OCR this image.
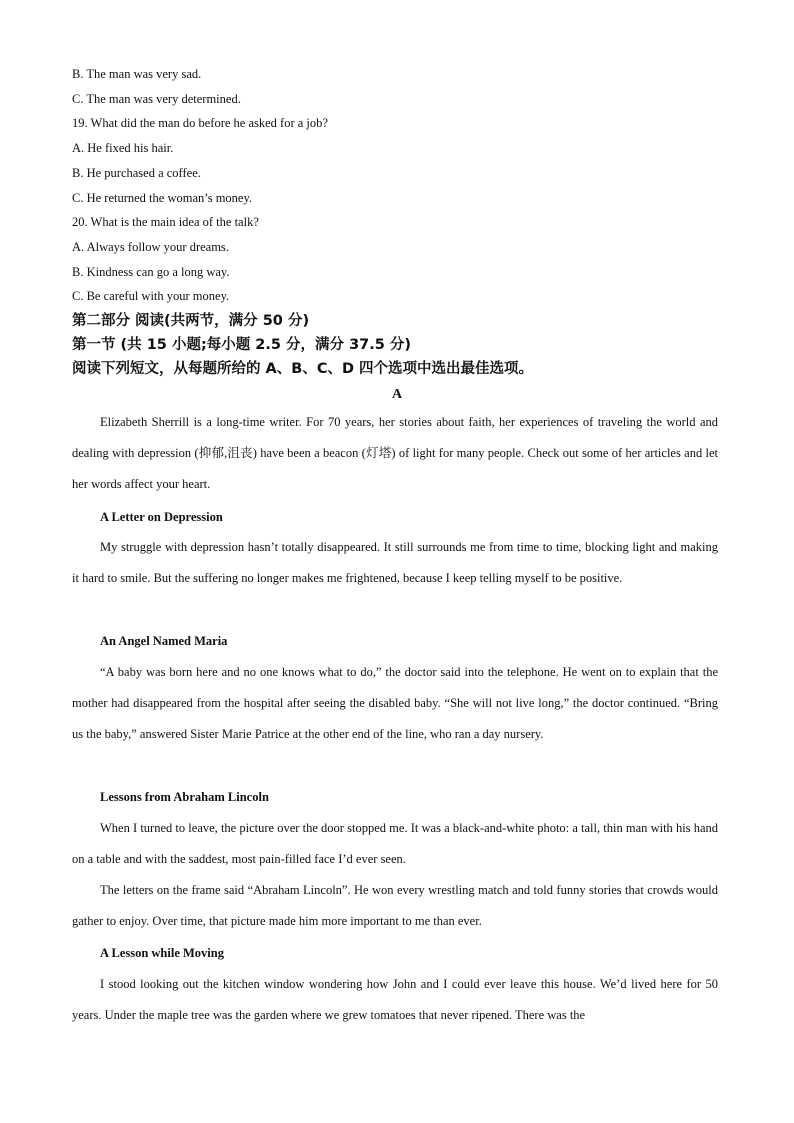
B. The man was very sad.
C. The man was very determined.
19. What did the man do before he asked for a job?
A. He fixed his hair.
B. He purchased a coffee.
C. He returned the woman’s money.
20. What is the main idea of the talk?
A. Always follow your dreams.
B. Kindness can go a long way.
C. Be careful with your money.
第二部分 阅读(共两节，满分 50 分)
第一节 (共 15 小题;每小题 2.5 分，满分 37.5 分)
阅读下列短文，从每题所给的 A、B、C、D 四个选项中选出最佳选项。
A
Elizabeth Sherrill is a long-time writer. For 70 years, her stories about faith, her experiences of traveling the world and dealing with depression (抑郁,沮丧) have been a beacon (灯塔) of light for many people. Check out some of her articles and let her words affect your heart.
A Letter on Depression
My struggle with depression hasn’t totally disappeared. It still surrounds me from time to time, blocking light and making it hard to smile. But the suffering no longer makes me frightened, because I keep telling myself to be positive.
An Angel Named Maria
“A baby was born here and no one knows what to do,” the doctor said into the telephone. He went on to explain that the mother had disappeared from the hospital after seeing the disabled baby. “She will not live long,” the doctor continued. “Bring us the baby,” answered Sister Marie Patrice at the other end of the line, who ran a day nursery.
Lessons from Abraham Lincoln
When I turned to leave, the picture over the door stopped me. It was a black-and-white photo: a tall, thin man with his hand on a table and with the saddest, most pain-filled face I’d ever seen.
The letters on the frame said “Abraham Lincoln”. He won every wrestling match and told funny stories that crowds would gather to enjoy. Over time, that picture made him more important to me than ever.
A Lesson while Moving
I stood looking out the kitchen window wondering how John and I could ever leave this house. We’d lived here for 50 years. Under the maple tree was the garden where we grew tomatoes that never ripened. There was the
